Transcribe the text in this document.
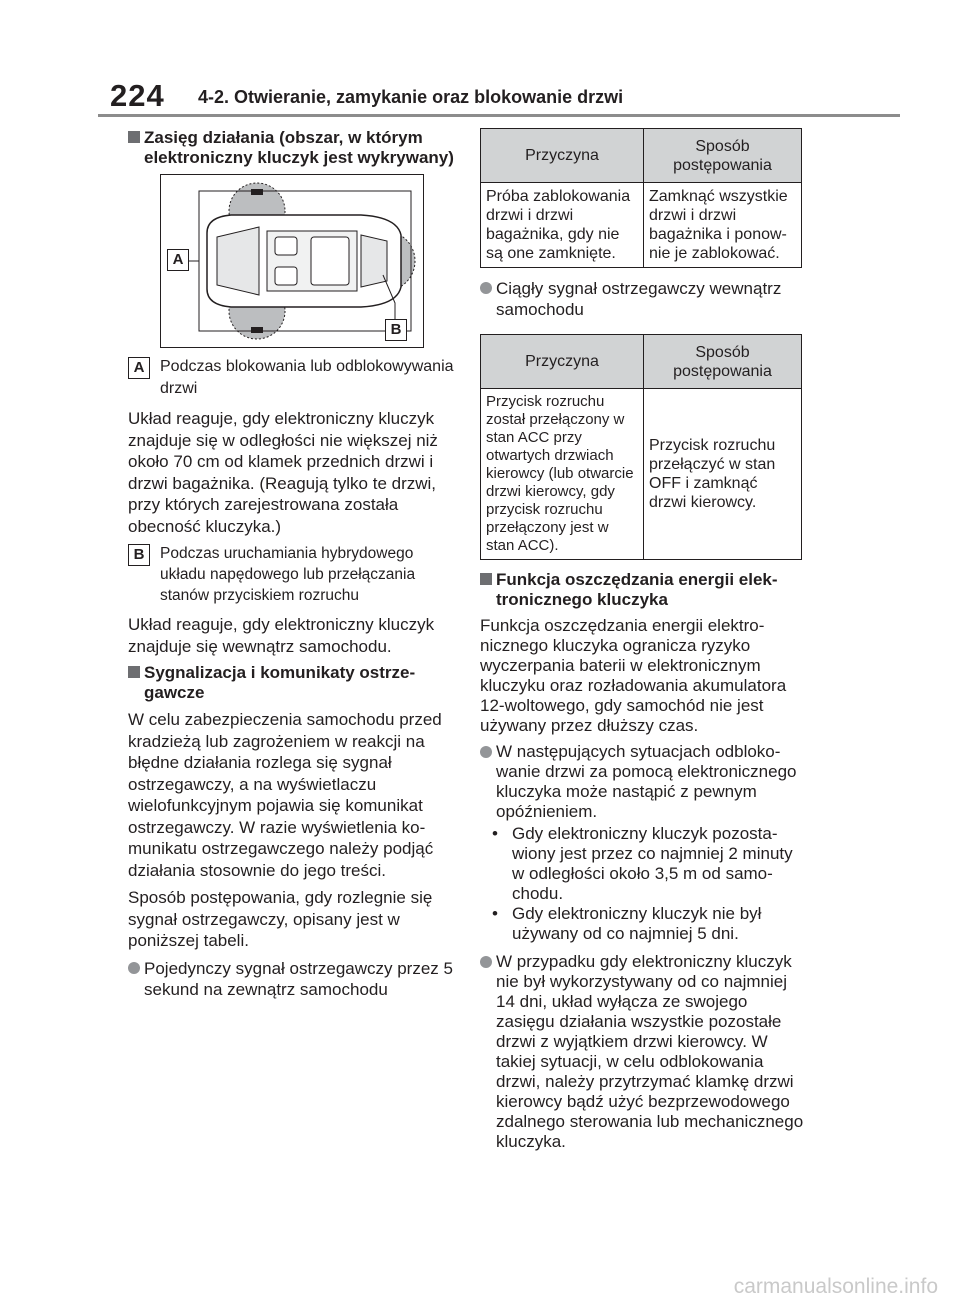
224 4-2. Otwieranie, zamykanie oraz blokowanie drzwi
Zasięg działania (obszar, w którym elektroniczny kluczyk jest wykrywany)
A
B
A Podczas blokowania lub odblokowywania drzwi
Układ reaguje, gdy elektroniczny kluczyk znajduje się w odległości nie większej niż około 70 cm od klamek przednich drzwi i drzwi bagażnika. (Reagują tylko te drzwi, przy których zarejestrowana została obecność kluczyka.)
B	Podczas uruchamiania hybrydowego układu napędowego lub przełączania stanów przyciskiem rozruchu
Układ reaguje, gdy elektroniczny kluczyk znajduje się wewnątrz samochodu.
Sygnalizacja i komunikaty ostrzegawcze
W celu zabezpieczenia samochodu przed kradzieżą lub zagrożeniem w reakcji na błędne działania rozlega się sygnał ostrzegawczy, a na wyświetlaczu wielofunkcyjnym pojawia się komunikat ostrzegawczy. W razie wyświetlenia komunikatu ostrzegawczego należy podjąć działania stosownie do jego treści.
Sposób postępowania, gdy rozlegnie się sygnał ostrzegawczy, opisany jest w poniższej tabeli.
Pojedynczy sygnał ostrzegawczy przez 5 sekund na zewnątrz samochodu
Przyczyna	Sposób postępowania
Próba zablokowania drzwi i drzwi bagażnika, gdy nie są one zamknięte.	Zamknąć wszystkie drzwi i drzwi bagażnika i ponownie je zablokować.
Ciągły sygnał ostrzegawczy wewnątrz samochodu
Przyczyna	Sposób postępowania
Przycisk rozruchu został przełączony w stan ACC przy otwartych drzwiach kierowcy (lub otwarcie drzwi kierowcy, gdy przycisk rozruchu przełączony jest w stan ACC).	Przycisk rozruchu przełączyć w stan OFF i zamknąć drzwi kierowcy.
Funkcja oszczędzania energii elektronicznego kluczyka
Funkcja oszczędzania energii elektronicznego kluczyka ogranicza ryzyko wyczerpania baterii w elektronicznym kluczyku oraz rozładowania akumulatora 12-woltowego, gdy samochód nie jest używany przez dłuższy czas.
W następujących sytuacjach odblokowanie drzwi za pomocą elektronicznego kluczyka może nastąpić z pewnym opóźnieniem.
• Gdy elektroniczny kluczyk pozostawiony jest przez co najmniej 2 minuty w odległości około 3,5 m od samochodu.
• Gdy elektroniczny kluczyk nie był używany od co najmniej 5 dni.
W przypadku gdy elektroniczny kluczyk nie był wykorzystywany od co najmniej 14 dni, układ wyłącza ze swojego zasięgu działania wszystkie pozostałe drzwi z wyjątkiem drzwi kierowcy. W takiej sytuacji, w celu odblokowania drzwi, należy przytrzymać klamkę drzwi kierowcy bądź użyć bezprzewodowego zdalnego sterowania lub mechanicznego kluczyka.
carmanualsonline.info
